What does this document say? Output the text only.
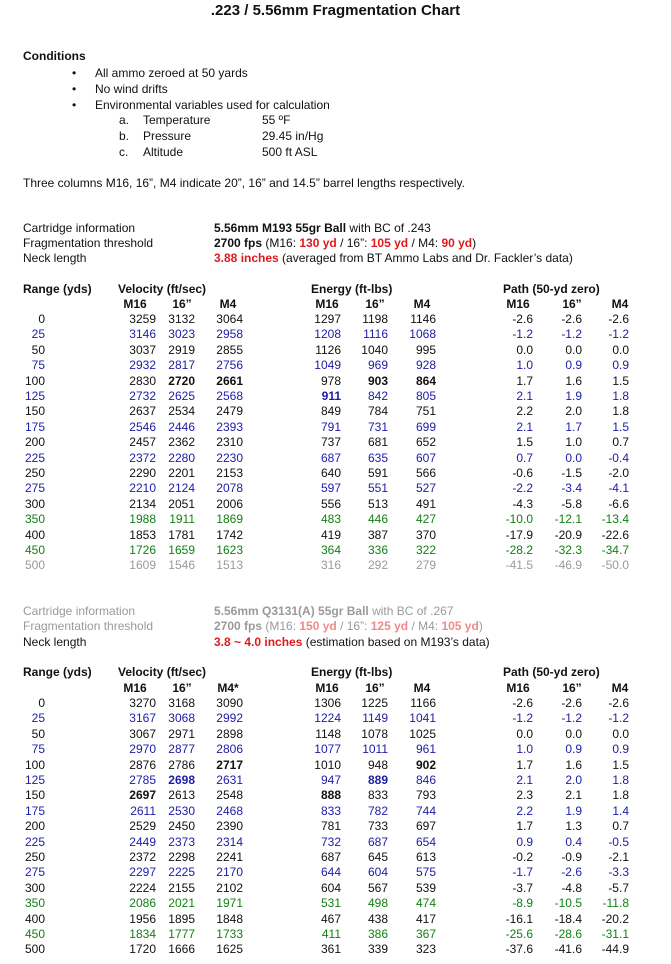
.223 / 5.56mm Fragmentation Chart
Conditions
• All ammo zeroed at 50 yards
• No wind drifts
• Environmental variables used for calculation
a. Temperature	55 ºF
b. Pressure	29.45 in/Hg
c. Altitude	500 ft ASL
Three columns M16, 16”, M4 indicate 20”, 16” and 14.5” barrel lengths respectively.
Cartridge information	5.56mm M193 55gr Ball with BC of .243
Fragmentation threshold	2700 fps (M16: 130 yd / 16”: 105 yd / M4: 90 yd)
Neck length	3.88 inches (averaged from BT Ammo Labs and Dr. Fackler’s data)
Range (yds) Velocity (ft/sec)	Energy (ft-lbs)	Path (50-yd zero)
M16	16”	M4	M16	16”	M4	M16	16”	M4
0	3259	3132	3064	1297	1198	1146	-2.6	-2.6	-2.6
25	3146	3023	2958	1208	1116	1068	-1.2	-1.2	-1.2
50	3037	2919	2855	1126	1040	995	0.0	0.0	0.0
75	2932	2817	2756	1049	969	928	1.0	0.9	0.9
100	2830	2720	2661	978	903	864	1.7	1.6	1.5
125	2732	2625	2568	911	842	805	2.1	1.9	1.8
150	2637	2534	2479	849	784	751	2.2	2.0	1.8
175	2546	2446	2393	791	731	699	2.1	1.7	1.5
200	2457	2362	2310	737	681	652	1.5	1.0	0.7
225	2372	2280	2230	687	635	607	0.7	0.0	-0.4
250	2290	2201	2153	640	591	566	-0.6	-1.5	-2.0
275	2210	2124	2078	597	551	527	-2.2	-3.4	-4.1
300	2134	2051	2006	556	513	491	-4.3	-5.8	-6.6
350	1988	1911	1869	483	446	427	-10.0	-12.1	-13.4
400	1853	1781	1742	419	387	370	-17.9	-20.9	-22.6
450	1726	1659	1623	364	336	322	-28.2	-32.3	-34.7
500	1609	1546	1513	316	292	279	-41.5	-46.9	-50.0
Cartridge information	5.56mm Q3131(A) 55gr Ball with BC of .267
Fragmentation threshold	2700 fps (M16: 150 yd / 16”: 125 yd / M4: 105 yd)
Neck length	3.8 ~ 4.0 inches (estimation based on M193’s data)
Range (yds) Velocity (ft/sec)	Energy (ft-lbs)	Path (50-yd zero)
M16	16”	M4*	M16	16”	M4	M16	16”	M4
0	3270	3168	3090	1306	1225	1166	-2.6	-2.6	-2.6
25	3167	3068	2992	1224	1149	1041	-1.2	-1.2	-1.2
50	3067	2971	2898	1148	1078	1025	0.0	0.0	0.0
75	2970	2877	2806	1077	1011	961	1.0	0.9	0.9
100	2876	2786	2717	1010	948	902	1.7	1.6	1.5
125	2785	2698	2631	947	889	846	2.1	2.0	1.8
150	2697	2613	2548	888	833	793	2.3	2.1	1.8
175	2611	2530	2468	833	782	744	2.2	1.9	1.4
200	2529	2450	2390	781	733	697	1.7	1.3	0.7
225	2449	2373	2314	732	687	654	0.9	0.4	-0.5
250	2372	2298	2241	687	645	613	-0.2	-0.9	-2.1
275	2297	2225	2170	644	604	575	-1.7	-2.6	-3.3
300	2224	2155	2102	604	567	539	-3.7	-4.8	-5.7
350	2086	2021	1971	531	498	474	-8.9	-10.5	-11.8
400	1956	1895	1848	467	438	417	-16.1	-18.4	-20.2
450	1834	1777	1733	411	386	367	-25.6	-28.6	-31.1
500	1720	1666	1625	361	339	323	-37.6	-41.6	-44.9
